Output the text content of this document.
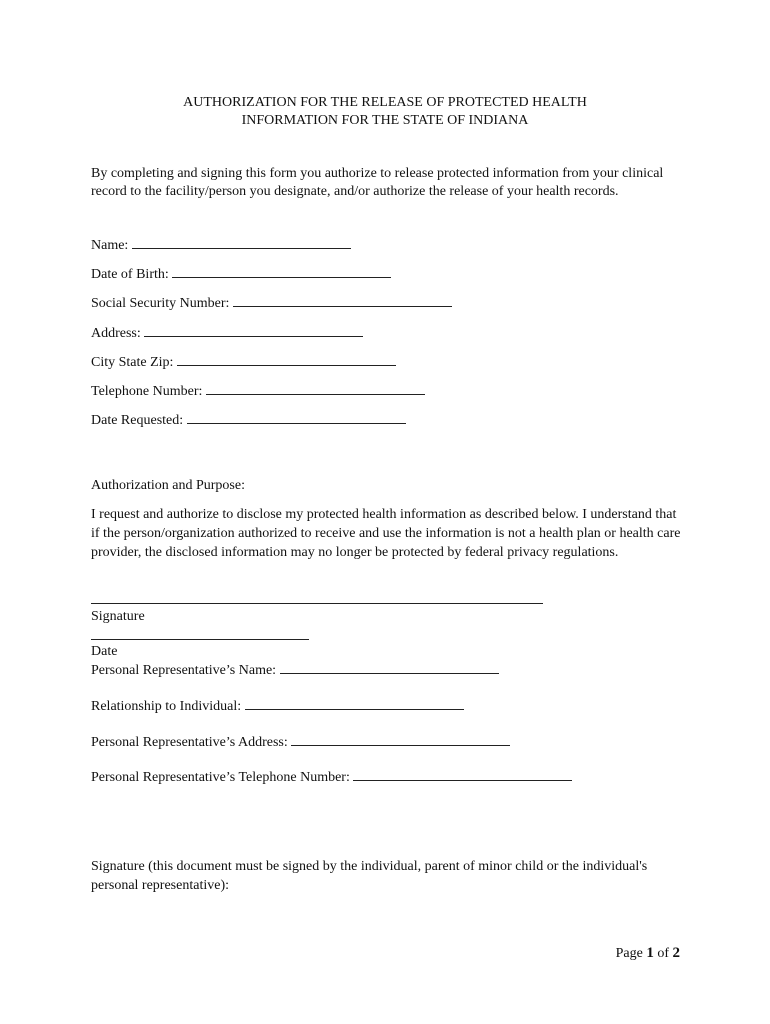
AUTHORIZATION FOR THE RELEASE OF PROTECTED HEALTH
INFORMATION FOR THE STATE OF INDIANA
By completing and signing this form you authorize to release protected information from your clinical record to the facility/person you designate, and/or authorize the release of your health records.
Name:
Date of Birth:
Social Security Number:
Address:
City State Zip:
Telephone Number:
Date Requested:
Authorization and Purpose:
I request and authorize to disclose my protected health information as described below. I understand that if the person/organization authorized to receive and use the information is not a health plan or health care provider, the disclosed information may no longer be protected by federal privacy regulations.
Signature
Date
Personal Representative’s Name:
Relationship to Individual:
Personal Representative’s Address:
Personal Representative’s Telephone Number:
Signature (this document must be signed by the individual, parent of minor child or the individual's personal representative):
Page 1 of 2
